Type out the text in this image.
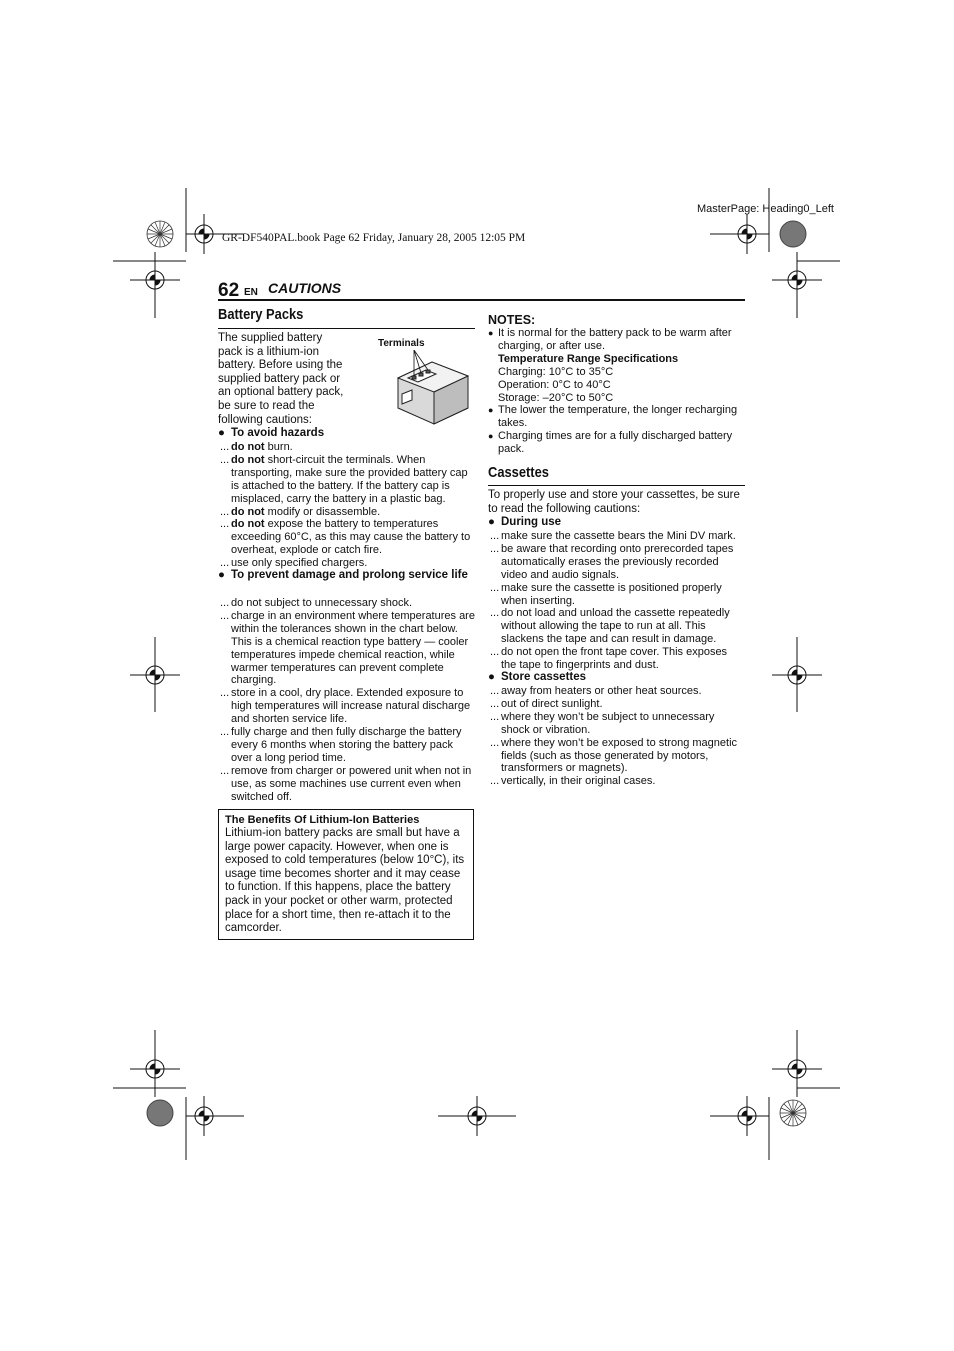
MasterPage: Heading0_Left
GR-DF540PAL.book Page 62 Friday, January 28, 2005 12:05 PM
62 EN CAUTIONS
Battery Packs
The supplied battery
pack is a lithium-ion
battery. Before using the
supplied battery pack or
an optional battery pack,
be sure to read the
following cautions:
Terminals
● To avoid hazards
... do not burn.
... do not short-circuit the terminals. When transporting, make sure the provided battery cap is attached to the battery. If the battery cap is misplaced, carry the battery in a plastic bag.
... do not modify or disassemble.
... do not expose the battery to temperatures exceeding 60°C, as this may cause the battery to overheat, explode or catch fire.
... use only specified chargers.
● To prevent damage and prolong service life
... do not subject to unnecessary shock.
... charge in an environment where temperatures are within the tolerances shown in the chart below. This is a chemical reaction type battery — cooler temperatures impede chemical reaction, while warmer temperatures can prevent complete charging.
... store in a cool, dry place. Extended exposure to high temperatures will increase natural discharge and shorten service life.
... fully charge and then fully discharge the battery every 6 months when storing the battery pack over a long period time.
... remove from charger or powered unit when not in use, as some machines use current even when switched off.
The Benefits Of Lithium-Ion Batteries
Lithium-ion battery packs are small but have a large power capacity. However, when one is exposed to cold temperatures (below 10°C), its usage time becomes shorter and it may cease to function. If this happens, place the battery pack in your pocket or other warm, protected place for a short time, then re-attach it to the camcorder.
NOTES:
● It is normal for the battery pack to be warm after charging, or after use.
Temperature Range Specifications
Charging: 10°C to 35°C
Operation: 0°C to 40°C
Storage: –20°C to 50°C
● The lower the temperature, the longer recharging takes.
● Charging times are for a fully discharged battery pack.
Cassettes
To properly use and store your cassettes, be sure to read the following cautions:
● During use
... make sure the cassette bears the Mini DV mark.
... be aware that recording onto prerecorded tapes automatically erases the previously recorded video and audio signals.
... make sure the cassette is positioned properly when inserting.
... do not load and unload the cassette repeatedly without allowing the tape to run at all. This slackens the tape and can result in damage.
... do not open the front tape cover. This exposes the tape to fingerprints and dust.
● Store cassettes
... away from heaters or other heat sources.
... out of direct sunlight.
... where they won’t be subject to unnecessary shock or vibration.
... where they won’t be exposed to strong magnetic fields (such as those generated by motors, transformers or magnets).
... vertically, in their original cases.
